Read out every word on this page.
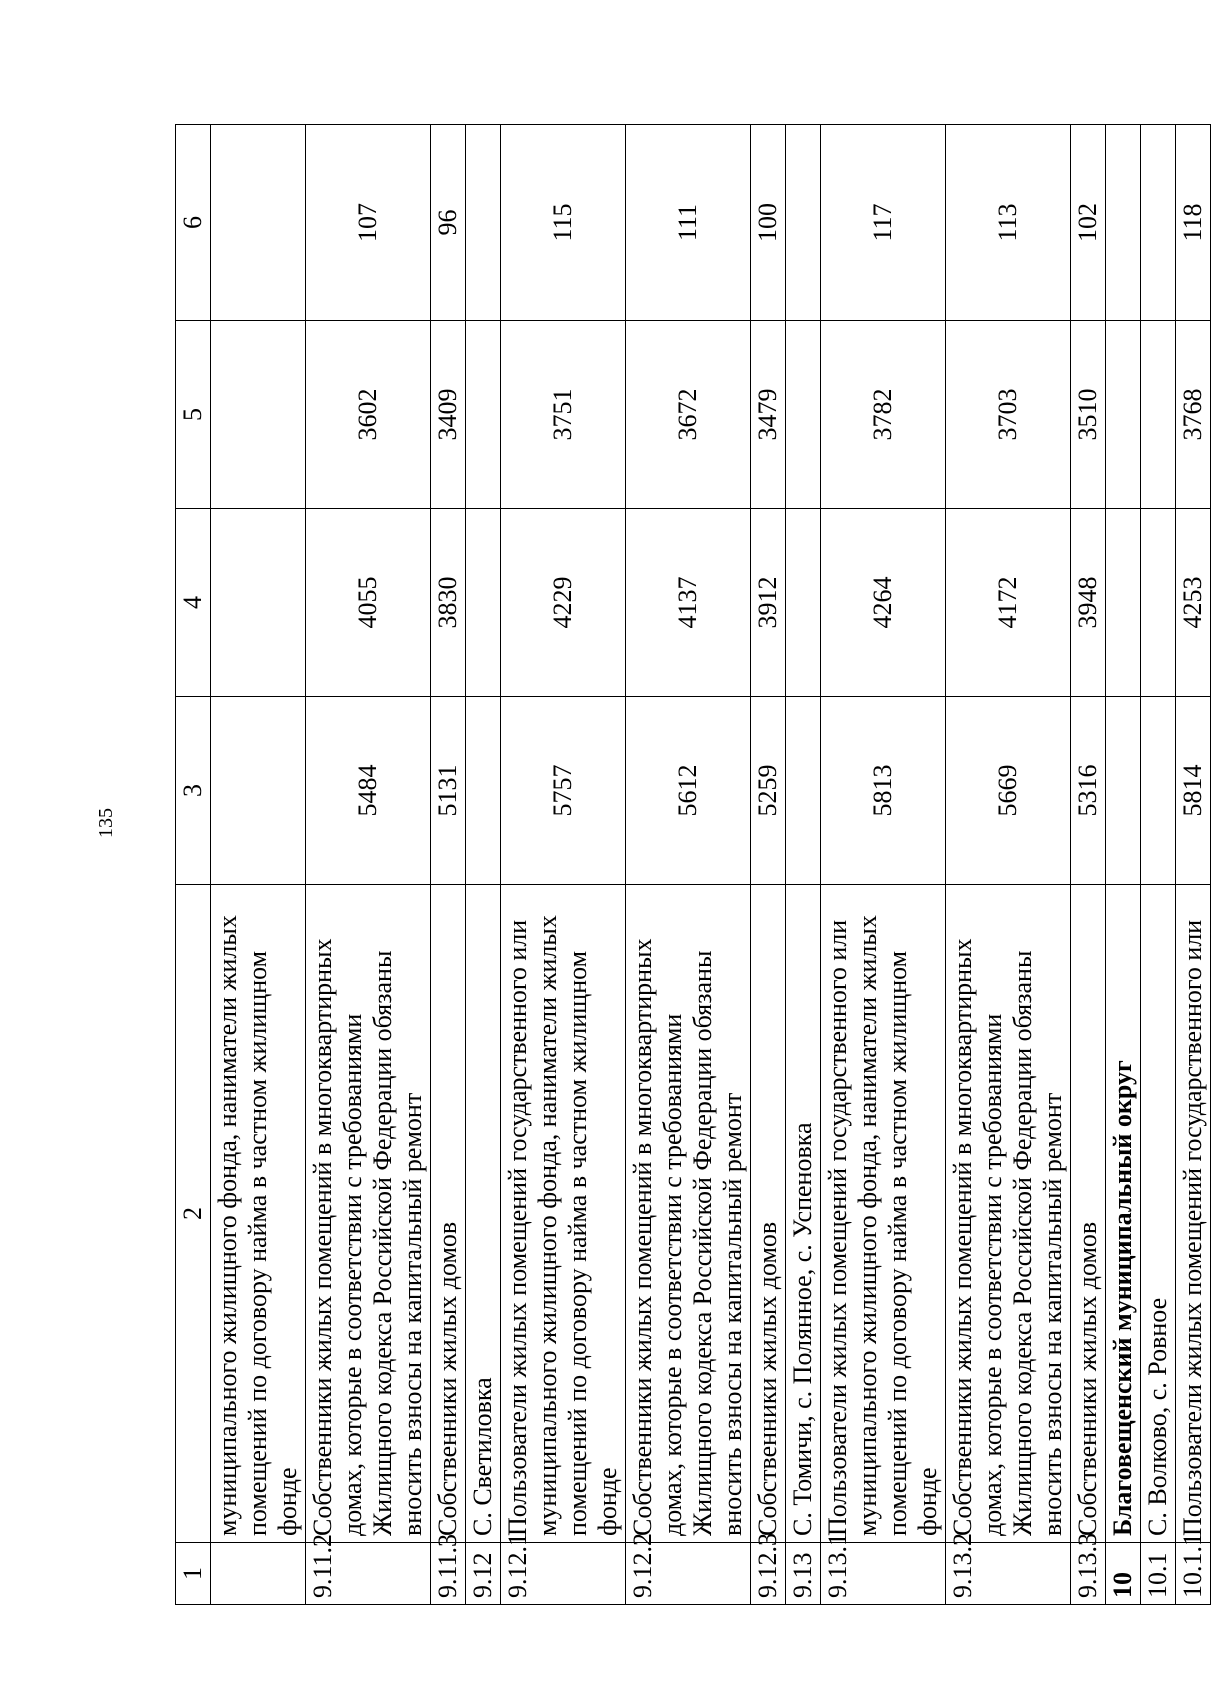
135
1	2	3	4	5	6
	муниципального жилищного фонда, наниматели жилых помещений по договору найма в частном жилищном фонде				
9.11.2	Собственники жилых помещений в многоквартирных домах, которые в соответствии с требованиями Жилищного кодекса Российской Федерации обязаны вносить взносы на капитальный ремонт	5484	4055	3602	107
9.11.3	Собственники жилых домов	5131	3830	3409	96
9.12	С. Светиловка				
9.12.1	Пользователи жилых помещений государственного или муниципального жилищного фонда, наниматели жилых помещений по договору найма в частном жилищном фонде	5757	4229	3751	115
9.12.2	Собственники жилых помещений в многоквартирных домах, которые в соответствии с требованиями Жилищного кодекса Российской Федерации обязаны вносить взносы на капитальный ремонт	5612	4137	3672	111
9.12.3	Собственники жилых домов	5259	3912	3479	100
9.13	С. Томичи, с. Полянное, с. Успеновка				
9.13.1	Пользователи жилых помещений государственного или муниципального жилищного фонда, наниматели жилых помещений по договору найма в частном жилищном фонде	5813	4264	3782	117
9.13.2	Собственники жилых помещений в многоквартирных домах, которые в соответствии с требованиями Жилищного кодекса Российской Федерации обязаны вносить взносы на капитальный ремонт	5669	4172	3703	113
9.13.3	Собственники жилых домов	5316	3948	3510	102
10	Благовещенский муниципальный округ				
10.1	С. Волково, с. Ровное				
10.1.1	Пользователи жилых помещений государственного или	5814	4253	3768	118
